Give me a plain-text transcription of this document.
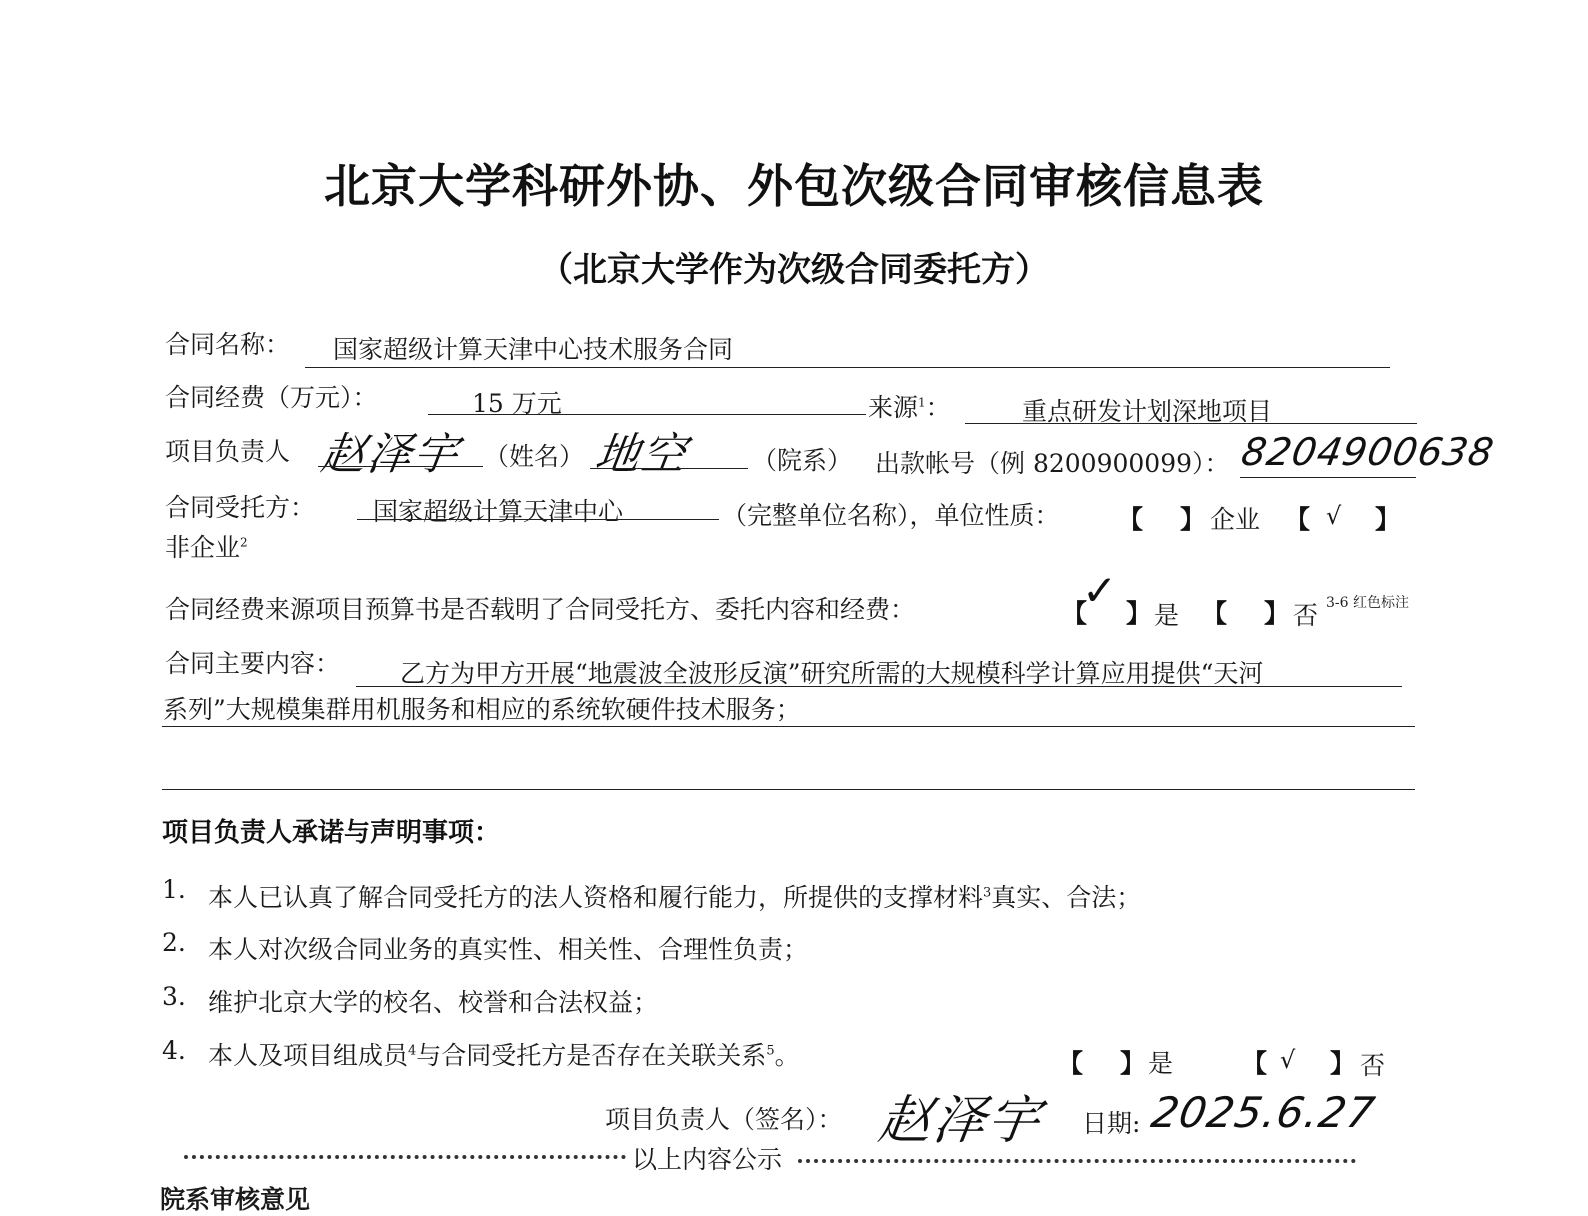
北京大学科研外协、外包次级合同审核信息表
（北京大学作为次级合同委托方）
合同名称： 国家超级计算天津中心技术服务合同
合同经费（万元）：	15 万元	来源$^1$：	重点研发计划深地项目
项目负责人 赵泽宇 （姓名） 地空 （院系） 出款帐号（例 8200900099）： 8204900638
合同受托方： 国家超级计算天津中心	（完整单位名称），单位性质： 【 】 企业 【 √ 】
非企业$^2$
合同经费来源项目预算书是否载明了合同受托方、委托内容和经费：	【
✓ 】 是 【 】 否 3-6 红色标注
合同主要内容： 乙方为甲方开展“地震波全波形反演”研究所需的大规模科学计算应用提供“天河
系列”大规模集群用机服务和相应的系统软硬件技术服务；
项目负责人承诺与声明事项：
1. 本人已认真了解合同受托方的法人资格和履行能力，所提供的支撑材料$^3$真实、合法；
2. 本人对次级合同业务的真实性、相关性、合理性负责；
3. 维护北京大学的校名、校誉和合法权益；
4. 本人及项目组成员$^4$与合同受托方是否存在关联关系$^5$。	【 】 是	【 √ 】 否
项目负责人（签名）： 赵泽宇 日期: 2025.6.27
以上内容公示
院系审核意见
